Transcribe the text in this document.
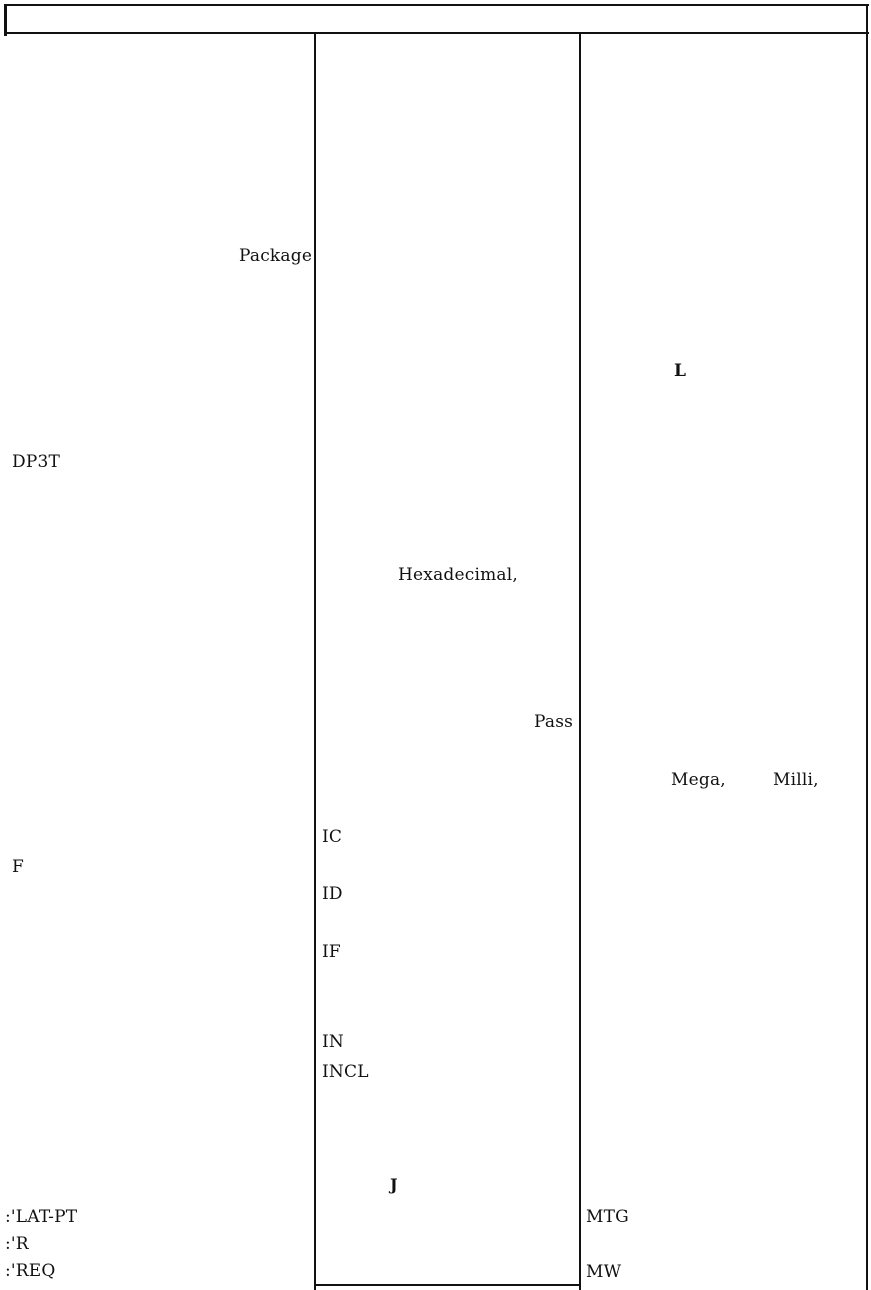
Package
DP3T
F
:'LAT-PT
:'R
:'REQ
Hexadecimal,
Pass
IC
ID
IF
IN
INCL
J
L
Mega,	Milli,
MTG
MW
